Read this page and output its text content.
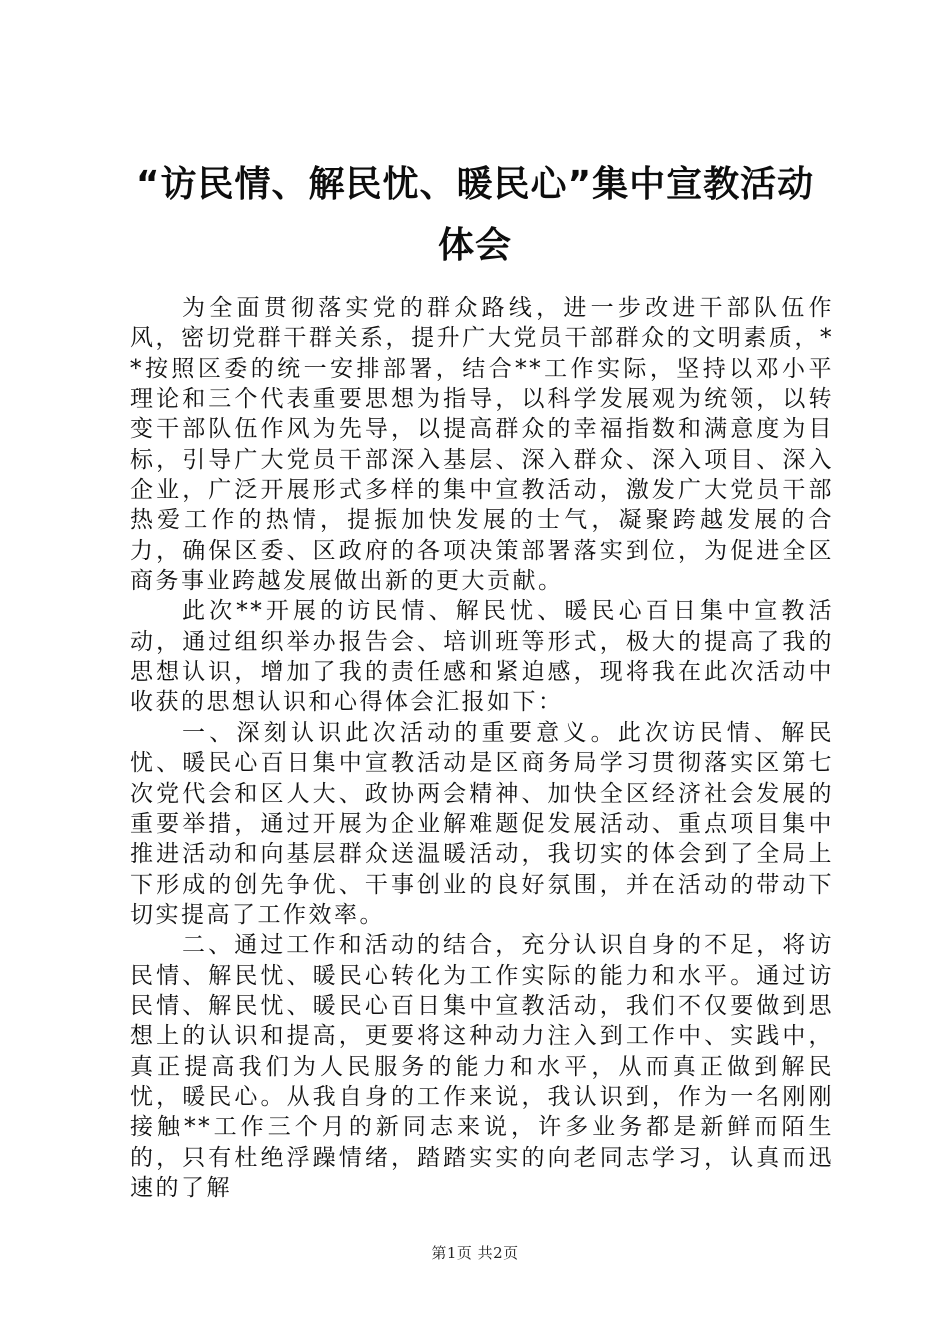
“访民情、解民忧、暖民心”集中宣教活动体会

为全面贯彻落实党的群众路线，进一步改进干部队伍作风，密切党群干群关系，提升广大党员干部群众的文明素质，**按照区委的统一安排部署，结合**工作实际，坚持以邓小平理论和三个代表重要思想为指导，以科学发展观为统领，以转变干部队伍作风为先导，以提高群众的幸福指数和满意度为目标，引导广大党员干部深入基层、深入群众、深入项目、深入企业，广泛开展形式多样的集中宣教活动，激发广大党员干部热爱工作的热情，提振加快发展的士气，凝聚跨越发展的合力，确保区委、区政府的各项决策部署落实到位，为促进全区商务事业跨越发展做出新的更大贡献。

此次**开展的访民情、解民忧、暖民心百日集中宣教活动，通过组织举办报告会、培训班等形式，极大的提高了我的思想认识，增加了我的责任感和紧迫感，现将我在此次活动中收获的思想认识和心得体会汇报如下：

一、深刻认识此次活动的重要意义。此次访民情、解民忧、暖民心百日集中宣教活动是区商务局学习贯彻落实区第七次党代会和区人大、政协两会精神、加快全区经济社会发展的重要举措，通过开展为企业解难题促发展活动、重点项目集中推进活动和向基层群众送温暖活动，我切实的体会到了全局上下形成的创先争优、干事创业的良好氛围，并在活动的带动下切实提高了工作效率。

二、通过工作和活动的结合，充分认识自身的不足，将访民情、解民忧、暖民心转化为工作实际的能力和水平。通过访民情、解民忧、暖民心百日集中宣教活动，我们不仅要做到思想上的认识和提高，更要将这种动力注入到工作中、实践中，真正提高我们为人民服务的能力和水平，从而真正做到解民忧，暖民心。从我自身的工作来说，我认识到，作为一名刚刚接触**工作三个月的新同志来说，许多业务都是新鲜而陌生的，只有杜绝浮躁情绪，踏踏实实的向老同志学习，认真而迅速的了解

第1页 共2页
